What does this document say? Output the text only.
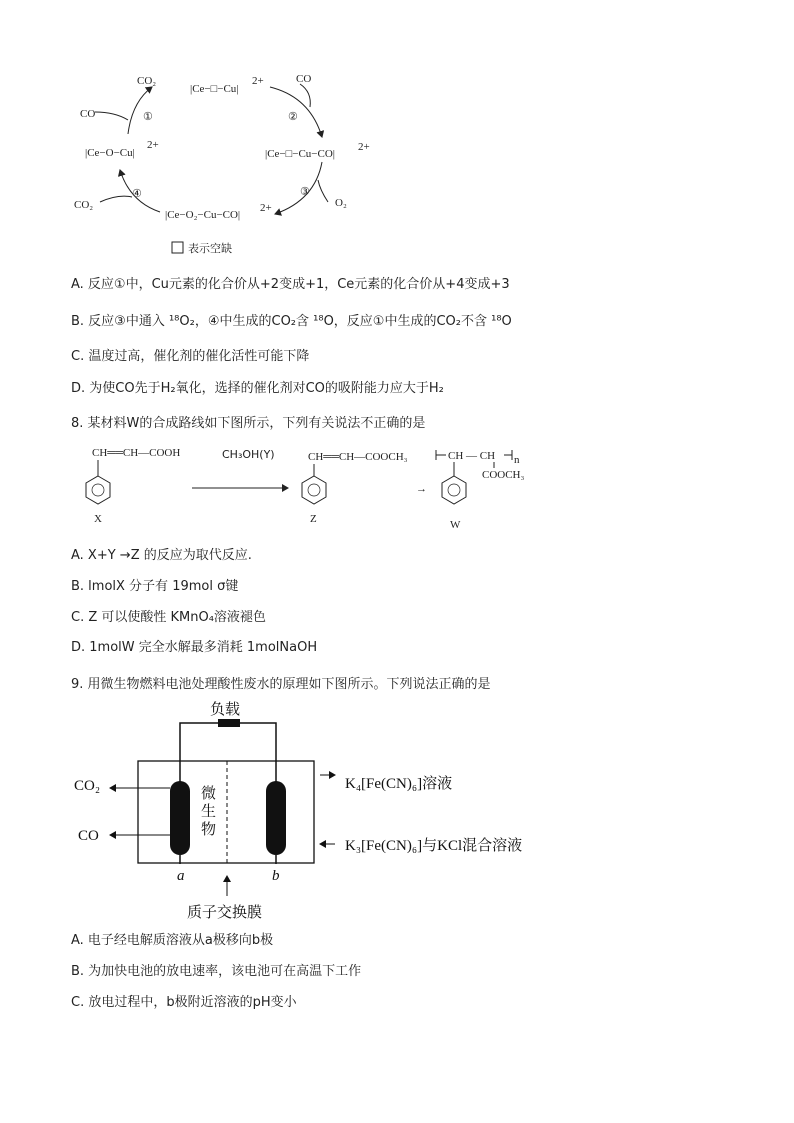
|Ce−□−Cu|
2+
|Ce−□−Cu−CO|
2+
|Ce−O₂−Cu−CO|
2+
|Ce−O−Cu|
2+
CO
CO₂
①
CO
②
③
O₂
CO₂
④
表示空缺
A. 反应①中，Cu元素的化合价从+2变成+1，Ce元素的化合价从+4变成+3
B. 反应③中通入 ¹⁸O₂，④中生成的CO₂含 ¹⁸O，反应①中生成的CO₂不含 ¹⁸O
C. 温度过高，催化剂的催化活性可能下降
D. 为使CO先于H₂氧化，选择的催化剂对CO的吸附能力应大于H₂
8. 某材料W的合成路线如下图所示，下列有关说法不正确的是
CH══CH—COOH
X
CH₃OH(Y)	CH══CH—COOCH₃
Z
→
CH — CH n
COOCH₃
W
A. X+Y →Z 的反应为取代反应.
B. lmolX 分子有 19mol σ键
C. Z 可以使酸性 KMnO₄溶液褪色
D. 1molW 完全水解最多消耗 1molNaOH
9. 用微生物燃料电池处理酸性废水的原理如下图所示。下列说法正确的是
负载
微
生
物
CO₂
CO
K₄[Fe(CN)₆]溶液
K₃[Fe(CN)₆]与KCl混合溶液
a	b
质子交换膜
A. 电子经电解质溶液从a极移向b极
B. 为加快电池的放电速率，该电池可在高温下工作
C. 放电过程中，b极附近溶液的pH变小
